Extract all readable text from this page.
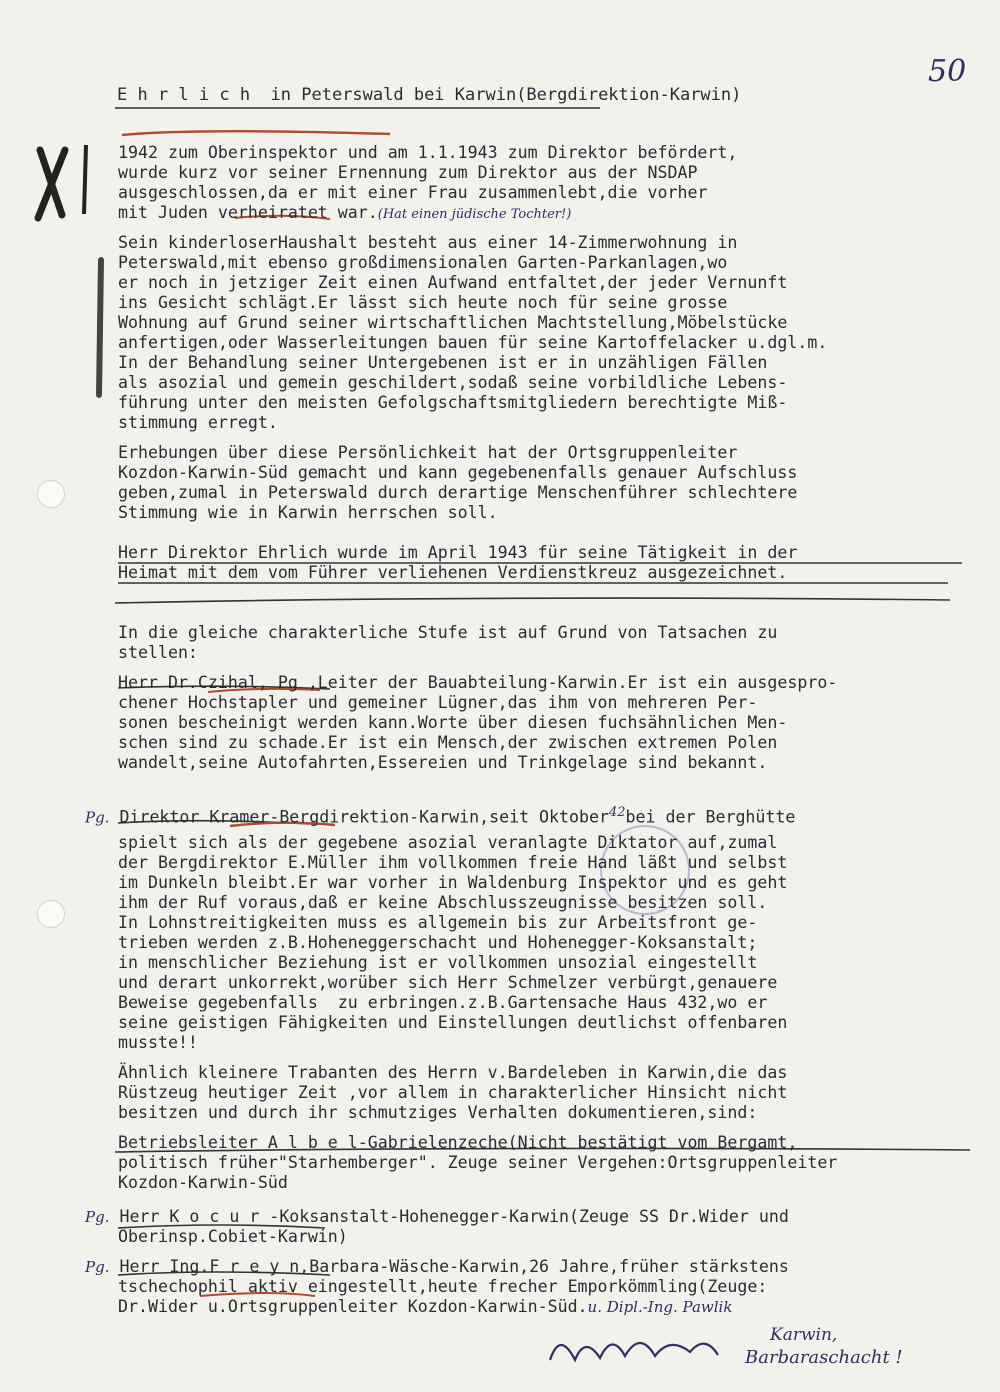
50
E h r l i c h in Peterswald bei Karwin(Bergdirektion-Karwin)
1942 zum Oberinspektor und am 1.1.1943 zum Direktor befördert,
wurde kurz vor seiner Ernennung zum Direktor aus der NSDAP
ausgeschlossen,da er mit einer Frau zusammenlebt,die vorher
mit Juden verheiratet war.(Hat einen jüdische Tochter!)
Sein kinderloserHaushalt besteht aus einer 14-Zimmerwohnung in
Peterswald,mit ebenso großdimensionalen Garten-Parkanlagen,wo
er noch in jetziger Zeit einen Aufwand entfaltet,der jeder Vernunft
ins Gesicht schlägt.Er lässt sich heute noch für seine grosse
Wohnung auf Grund seiner wirtschaftlichen Machtstellung,Möbelstücke
anfertigen,oder Wasserleitungen bauen für seine Kartoffelacker u.dgl.m.
In der Behandlung seiner Untergebenen ist er in unzähligen Fällen
als asozial und gemein geschildert,sodaß seine vorbildliche Lebens-
führung unter den meisten Gefolgschaftsmitgliedern berechtigte Miß-
stimmung erregt.
Erhebungen über diese Persönlichkeit hat der Ortsgruppenleiter
Kozdon-Karwin-Süd gemacht und kann gegebenenfalls genauer Aufschluss
geben,zumal in Peterswald durch derartige Menschenführer schlechtere
Stimmung wie in Karwin herrschen soll.
Herr Direktor Ehrlich wurde im April 1943 für seine Tätigkeit in der
Heimat mit dem vom Führer verliehenen Verdienstkreuz ausgezeichnet.
In die gleiche charakterliche Stufe ist auf Grund von Tatsachen zu
stellen:
Herr Dr.Czihal, Pg ,Leiter der Bauabteilung-Karwin.Er ist ein ausgespro-
chener Hochstapler und gemeiner Lügner,das ihm von mehreren Per-
sonen bescheinigt werden kann.Worte über diesen fuchsähnlichen Men-
schen sind zu schade.Er ist ein Mensch,der zwischen extremen Polen
wandelt,seine Autofahrten,Essereien und Trinkgelage sind bekannt.
Pg. Direktor Kramer-Bergdirektion-Karwin,seit Oktober$^{42}$bei der Berghütte
spielt sich als der gegebene asozial veranlagte Diktator auf,zumal
der Bergdirektor E.Müller ihm vollkommen freie Hand läßt und selbst
im Dunkeln bleibt.Er war vorher in Waldenburg Inspektor und es geht
ihm der Ruf voraus,daß er keine Abschlusszeugnisse besitzen soll.
In Lohnstreitigkeiten muss es allgemein bis zur Arbeitsfront ge-
trieben werden z.B.Hohenegg​erschacht und Hohenegger-Koksanstalt;
in menschlicher Beziehung ist er vollkommen unsozial eingestellt
und derart unkorrekt,worüber sich Herr Schmelzer verbürgt,genauere
Beweise gegebenfalls  zu erbringen.z.B.Gartensache Haus 432,wo er
seine geistigen Fähigkeiten und Einstellungen deutlichst offenbaren
musste!!
Ähnlich kleinere Trabanten des Herrn v.Bardeleben in Karwin,die das
Rüstzeug heutiger Zeit ,vor allem in charakterlicher Hinsicht nicht
besitzen und durch ihr schmutziges Verhalten dokumentieren,sind:
Betriebsleiter A l b e l-Gabrielenzeche(Nicht bestätigt vom Bergamt,
politisch früher"Starhemberger". Zeuge seiner Vergehen:Ortsgruppenleiter
Kozdon-Karwin-Süd
Pg. Herr K o c u r -Koksanstalt-Hohenegger-Karwin(Zeuge SS Dr.Wider und
Oberinsp.Cobiet-Karwin)
Pg. Herr Ing.F r e y n,Barbara-Wäsche-Karwin,26 Jahre,früher stärkstens
tschechophil aktiv eingestellt,heute frecher Emporkömmling(Zeuge:
Dr.Wider u.Ortsgruppenleiter Kozdon-Karwin-Süd.u. Dipl.-Ing. Pawlik
Karwin,
Barbaraschacht !
